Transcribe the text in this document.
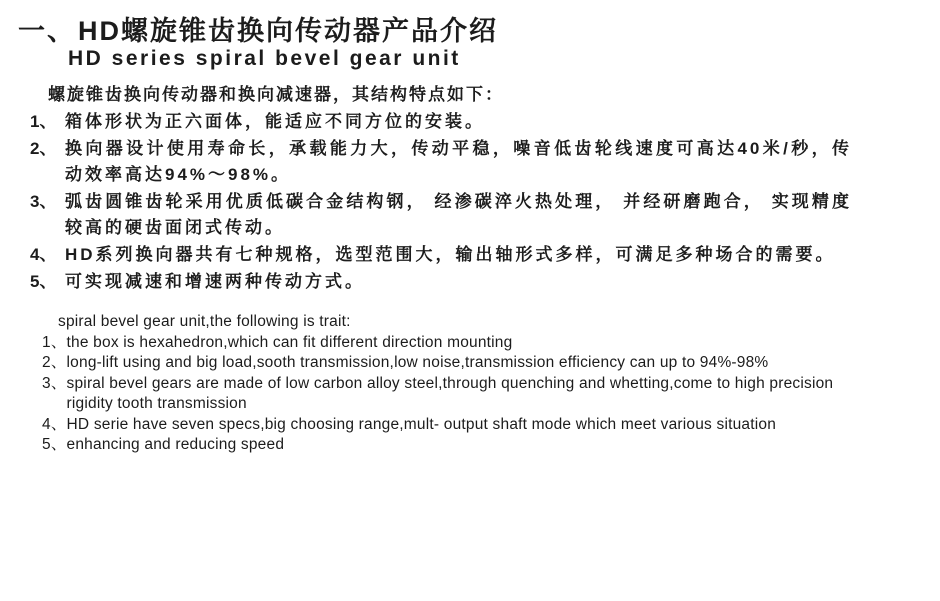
一、 HD螺旋锥齿换向传动器产品介绍
HD series spiral bevel gear unit
螺旋锥齿换向传动器和换向减速器，其结构特点如下：
1、 箱体形状为正六面体，能适应不同方位的安装。
2、 换向器设计使用寿命长，承载能力大，传动平稳，噪音低齿轮线速度可高达40米/秒，传动效率高达94%～98%。
3、 弧齿圆锥齿轮采用优质低碳合金结构钢， 经渗碳淬火热处理， 并经研磨跑合， 实现精度较高的硬齿面闭式传动。
4、 HD系列换向器共有七种规格，选型范围大，输出轴形式多样，可满足多种场合的需要。
5、 可实现减速和增速两种传动方式。
spiral bevel gear unit,the following is trait:
1、 the box is hexahedron,which can fit different direction mounting
2、 long-lift using and big load,sooth transmission,low noise,transmission efficiency can up to 94%-98%
3、 spiral bevel gears are made of low carbon alloy steel,through quenching and whetting,come to high precision rigidity tooth transmission
4、 HD serie have seven specs,big choosing range,mult- output shaft mode which meet various situation
5、 enhancing and reducing speed
